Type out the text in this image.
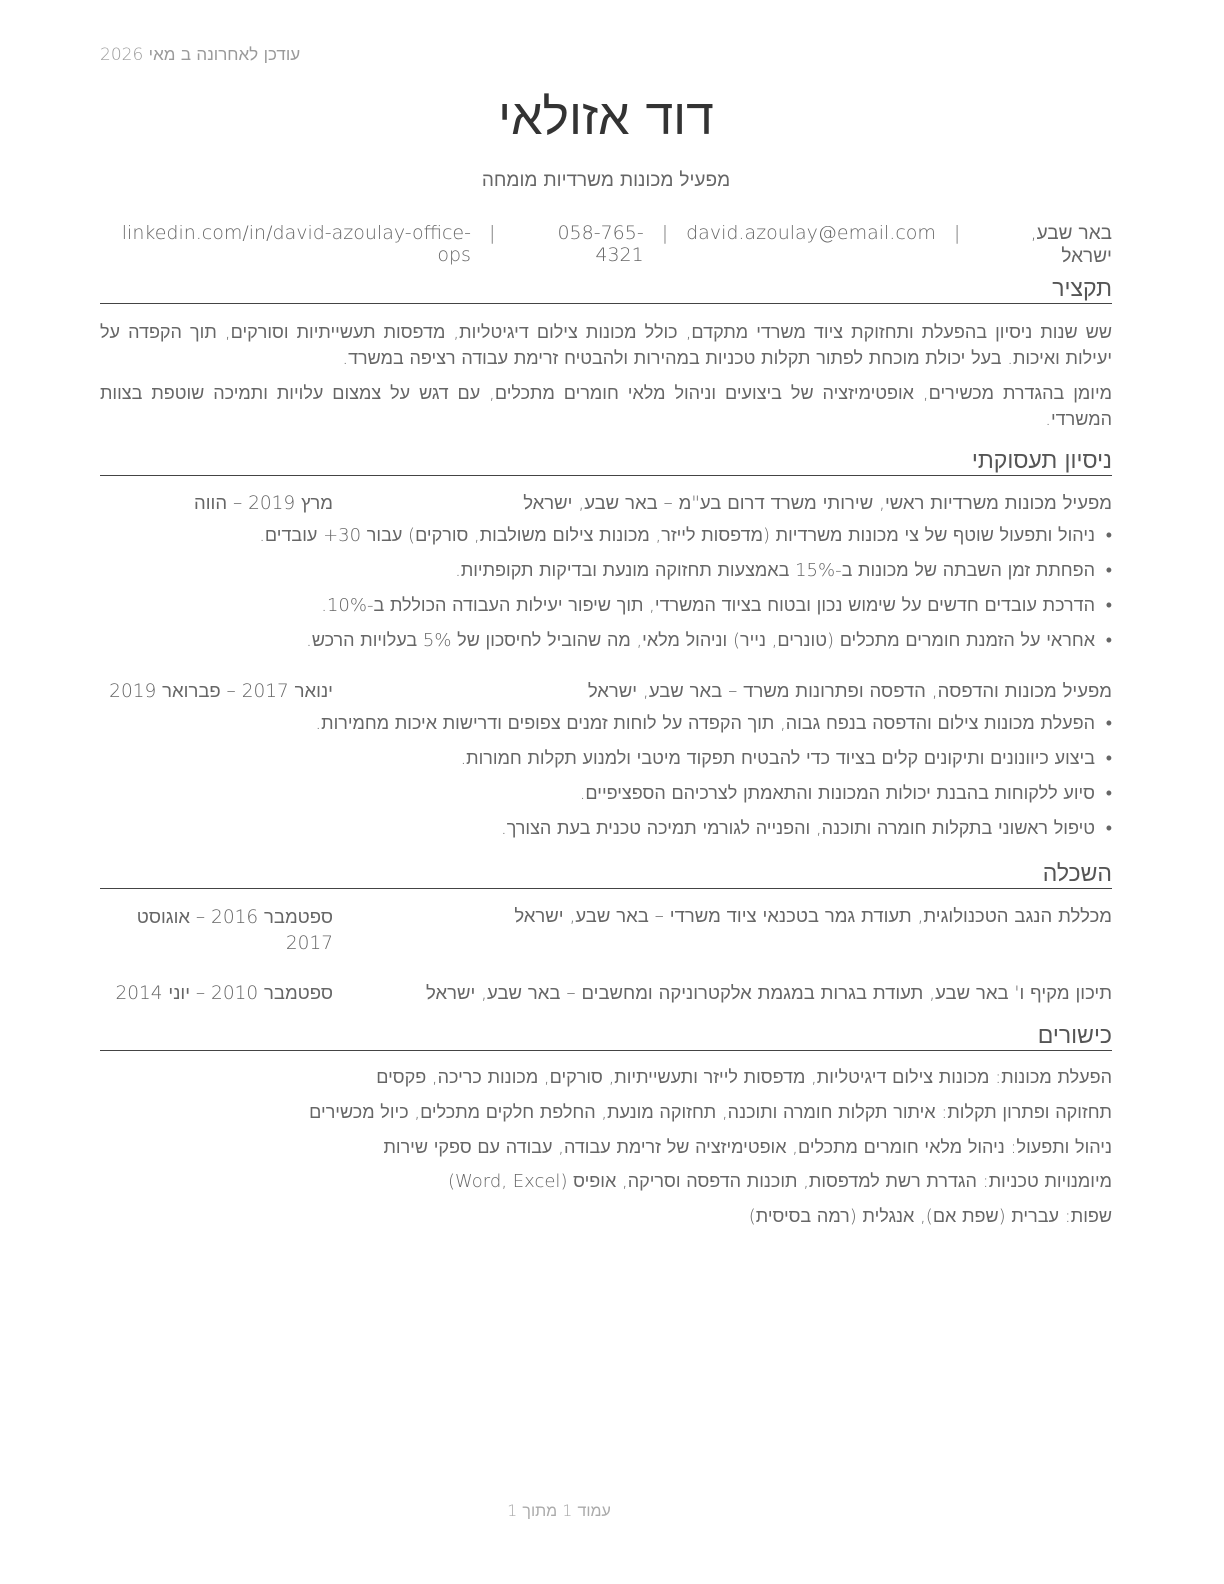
עודכן לאחרונה ב מאי 2026
דוד אזולאי
מפעיל מכונות משרדיות מומחה
באר שבע, ישראל
|
david.azoulay@email.com
|
058-765-4321
|
linkedin.com/in/david-azoulay-office-ops
תקציר
שש שנות ניסיון בהפעלת ותחזוקת ציוד משרדי מתקדם, כולל מכונות צילום דיגיטליות, מדפסות תעשייתיות וסורקים, תוך הקפדה על יעילות ואיכות. בעל יכולת מוכחת לפתור תקלות טכניות במהירות ולהבטיח זרימת עבודה רציפה במשרד.
מיומן בהגדרת מכשירים, אופטימיזציה של ביצועים וניהול מלאי חומרים מתכלים, עם דגש על צמצום עלויות ותמיכה שוטפת בצוות המשרדי.
ניסיון תעסוקתי
מפעיל מכונות משרדיות ראשי, שירותי משרד דרום בע"מ – באר שבע, ישראל
מרץ 2019 – הווה
• ניהול ותפעול שוטף של צי מכונות משרדיות (מדפסות לייזר, מכונות צילום משולבות, סורקים) עבור 30+ עובדים.
• הפחתת זמן השבתה של מכונות ב-15% באמצעות תחזוקה מונעת ובדיקות תקופתיות.
• הדרכת עובדים חדשים על שימוש נכון ובטוח בציוד המשרדי, תוך שיפור יעילות העבודה הכוללת ב-10%.
• אחראי על הזמנת חומרים מתכלים (טונרים, נייר) וניהול מלאי, מה שהוביל לחיסכון של 5% בעלויות הרכש.
מפעיל מכונות והדפסה, הדפסה ופתרונות משרד – באר שבע, ישראל
ינואר 2017 – פברואר 2019
• הפעלת מכונות צילום והדפסה בנפח גבוה, תוך הקפדה על לוחות זמנים צפופים ודרישות איכות מחמירות.
• ביצוע כיוונונים ותיקונים קלים בציוד כדי להבטיח תפקוד מיטבי ולמנוע תקלות חמורות.
• סיוע ללקוחות בהבנת יכולות המכונות והתאמתן לצרכיהם הספציפיים.
• טיפול ראשוני בתקלות חומרה ותוכנה, והפנייה לגורמי תמיכה טכנית בעת הצורך.
השכלה
מכללת הנגב הטכנולוגית, תעודת גמר בטכנאי ציוד משרדי – באר שבע, ישראל
ספטמבר 2016 – אוגוסט
2017
תיכון מקיף ו' באר שבע, תעודת בגרות במגמת אלקטרוניקה ומחשבים – באר שבע, ישראל
ספטמבר 2010 – יוני 2014
כישורים
הפעלת מכונות: מכונות צילום דיגיטליות, מדפסות לייזר ותעשייתיות, סורקים, מכונות כריכה, פקסים
תחזוקה ופתרון תקלות: איתור תקלות חומרה ותוכנה, תחזוקה מונעת, החלפת חלקים מתכלים, כיול מכשירים
ניהול ותפעול: ניהול מלאי חומרים מתכלים, אופטימיזציה של זרימת עבודה, עבודה עם ספקי שירות
מיומנויות טכניות: הגדרת רשת למדפסות, תוכנות הדפסה וסריקה, אופיס (Word, Excel)
שפות: עברית (שפת אם), אנגלית (רמה בסיסית)
עמוד 1 מתוך 1
